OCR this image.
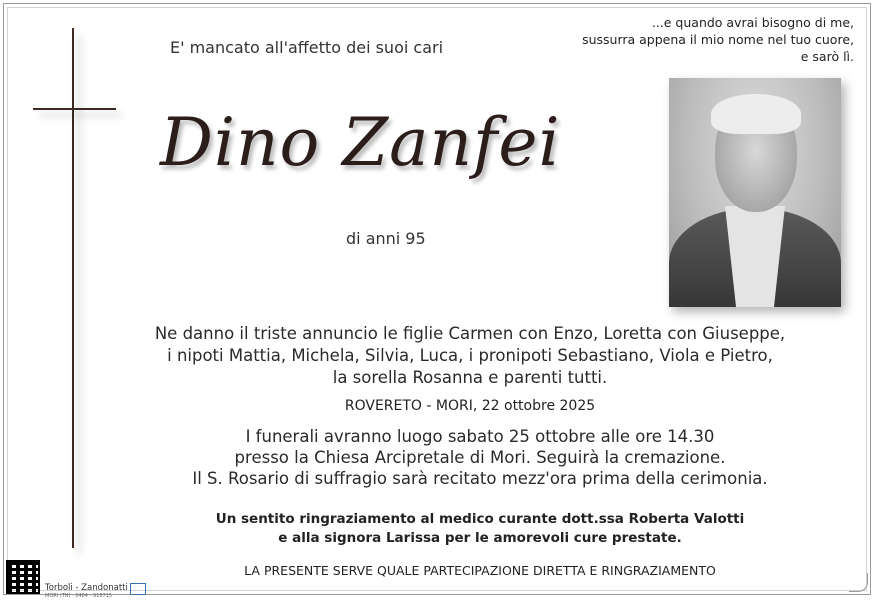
E' mancato all'affetto dei suoi cari
...e quando avrai bisogno di me,
sussurra appena il mio nome nel tuo cuore,
e sarò lì.
Dino Zanfei
di anni 95
Ne danno il triste annuncio le figlie Carmen con Enzo, Loretta con Giuseppe,
i nipoti Mattia, Michela, Silvia, Luca, i pronipoti Sebastiano, Viola e Pietro,
la sorella Rosanna e parenti tutti.
ROVERETO - MORI, 22 ottobre 2025
I funerali avranno luogo sabato 25 ottobre alle ore 14.30
presso la Chiesa Arcipretale di Mori. Seguirà la cremazione.
Il S. Rosario di suffragio sarà recitato mezz'ora prima della cerimonia.
Un sentito ringraziamento al medico curante dott.ssa Roberta Valotti
e alla signora Larissa per le amorevoli cure prestate.
LA PRESENTE SERVE QUALE PARTECIPAZIONE DIRETTA E RINGRAZIAMENTO
Torboli - Zandonatti
MORI (TN) · 0464 - 918715
